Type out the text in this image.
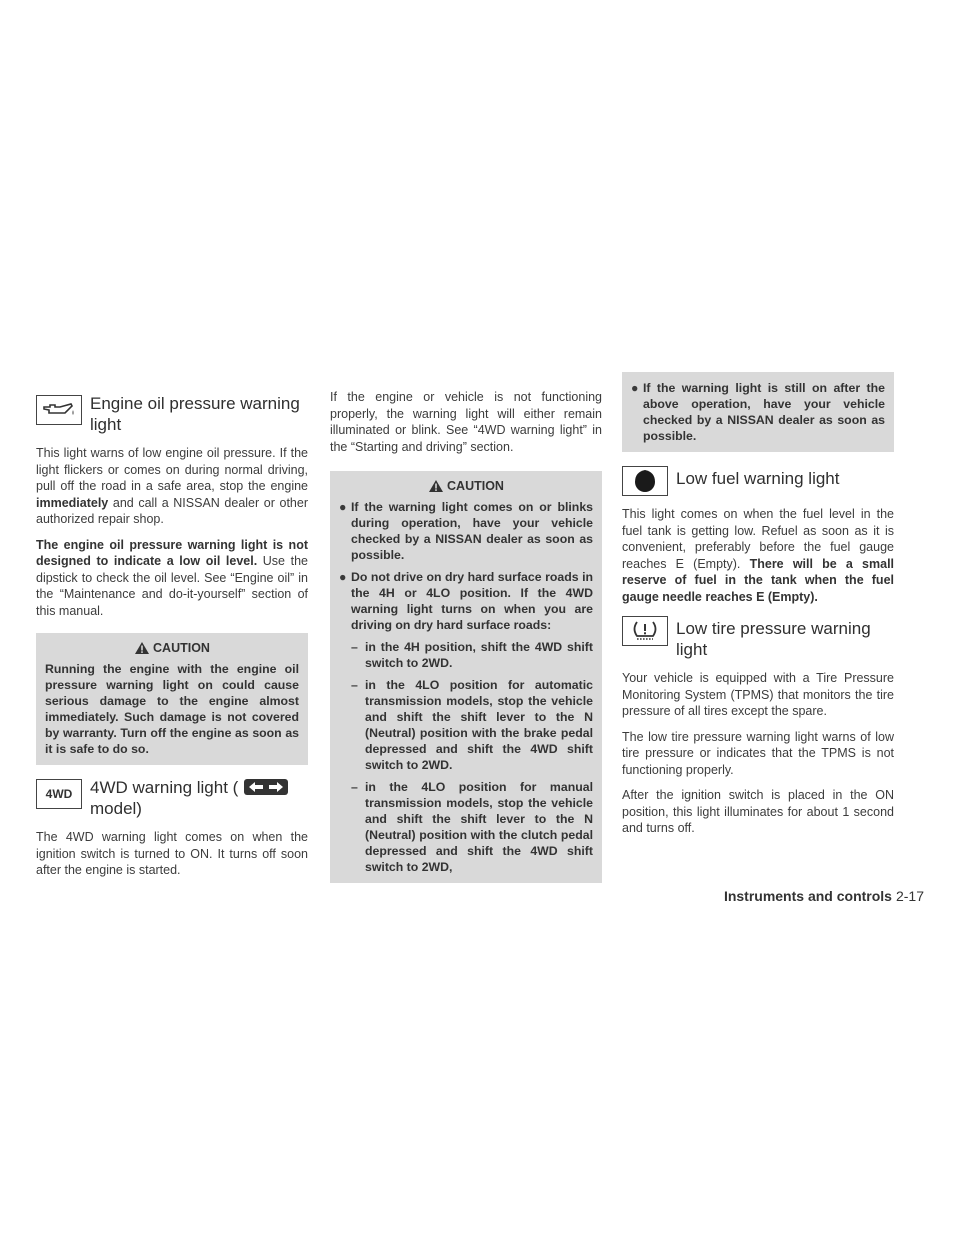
Engine oil pressure warning light

This light warns of low engine oil pressure. If the light flickers or comes on during normal driving, pull off the road in a safe area, stop the engine immediately and call a NISSAN dealer or other authorized repair shop.

The engine oil pressure warning light is not designed to indicate a low oil level. Use the dipstick to check the oil level. See “Engine oil” in the “Maintenance and do-it-yourself” section of this manual.

CAUTION

Running the engine with the engine oil pressure warning light on could cause serious damage to the engine almost immediately. Such damage is not covered by warranty. Turn off the engine as soon as it is safe to do so.

4WD 4WD warning light (

model)

The 4WD warning light comes on when the ignition switch is turned to ON. It turns off soon after the engine is started.

If the engine or vehicle is not functioning properly, the warning light will either remain illuminated or blink. See “4WD warning light” in the “Starting and driving” section.

CAUTION
● If the warning light comes on or blinks during operation, have your vehicle checked by a NISSAN dealer as soon as possible.
● Do not drive on dry hard surface roads in the 4H or 4LO position. If the 4WD warning light turns on when you are driving on dry hard surface roads:
– in the 4H position, shift the 4WD shift switch to 2WD.
– in the 4LO position for automatic transmission models, stop the vehicle and shift the shift lever to the N (Neutral) position with the brake pedal depressed and shift the 4WD shift switch to 2WD.
– in the 4LO position for manual transmission models, stop the vehicle and shift the shift lever to the N (Neutral) position with the clutch pedal depressed and shift the 4WD shift switch to 2WD,
● If the warning light is still on after the above operation, have your vehicle checked by a NISSAN dealer as soon as possible.
Low fuel warning light

This light comes on when the fuel level in the fuel tank is getting low. Refuel as soon as it is convenient, preferably before the fuel gauge reaches E (Empty). There will be a small reserve of fuel in the tank when the fuel gauge needle reaches E (Empty).

Low tire pressure warning light

Your vehicle is equipped with a Tire Pressure Monitoring System (TPMS) that monitors the tire pressure of all tires except the spare.

The low tire pressure warning light warns of low tire pressure or indicates that the TPMS is not functioning properly.

After the ignition switch is placed in the ON position, this light illuminates for about 1 second and turns off.

Instruments and controls 2-17
